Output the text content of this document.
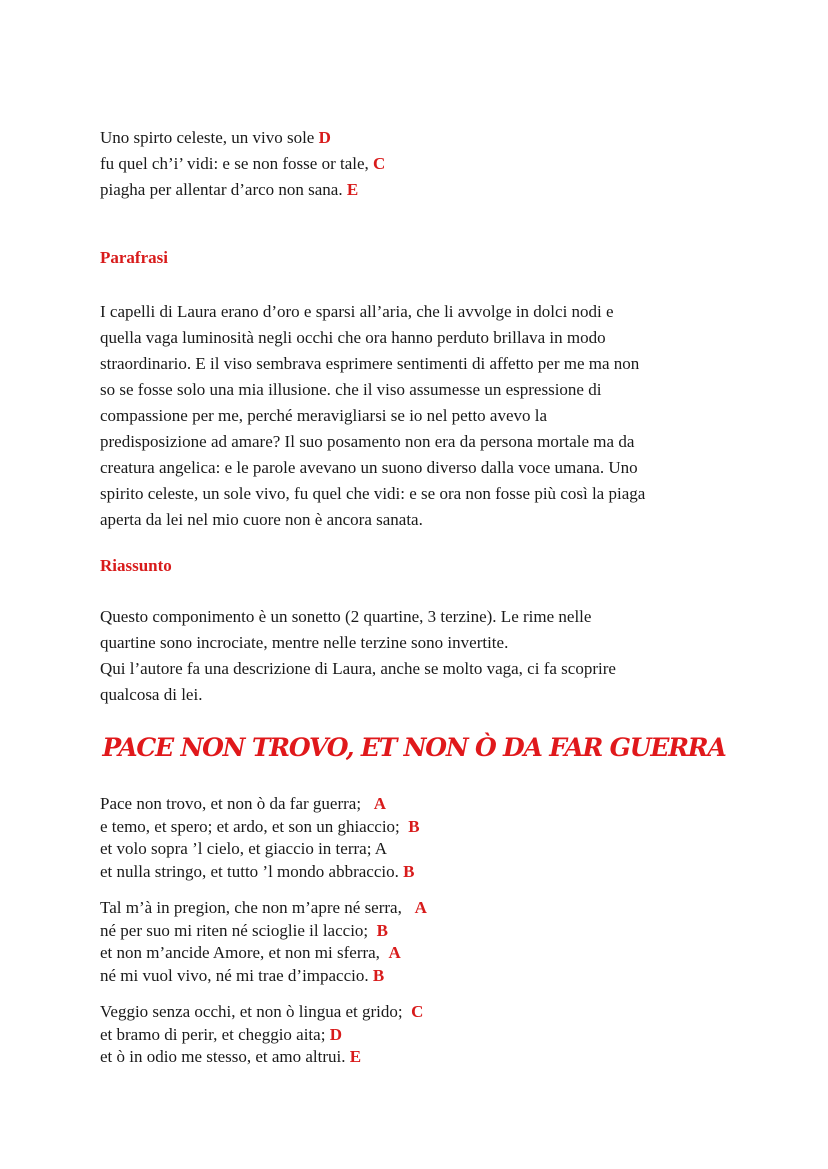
Uno spirto celeste, un vivo sole D
fu quel ch’i’ vidi: e se non fosse or tale, C
piagha per allentar d’arco non sana. E
Parafrasi
I capelli di Laura erano d’oro e sparsi all’aria, che li avvolge in dolci nodi e
quella vaga luminosità negli occhi che ora hanno perduto brillava in modo
straordinario. E il viso sembrava esprimere sentimenti di affetto per me ma non
so se fosse solo una mia illusione. che il viso assumesse un espressione di
compassione per me, perché meravigliarsi se io nel petto avevo la
predisposizione ad amare? Il suo posamento non era da persona mortale ma da
creatura angelica: e le parole avevano un suono diverso dalla voce umana. Uno
spirito celeste, un sole vivo, fu quel che vidi: e se ora non fosse più così la piaga
aperta da lei nel mio cuore non è ancora sanata.
Riassunto
Questo componimento è un sonetto (2 quartine, 3 terzine). Le rime nelle
quartine sono incrociate, mentre nelle terzine sono invertite.
Qui l’autore fa una descrizione di Laura, anche se molto vaga, ci fa scoprire
qualcosa di lei.
PACE NON TROVO, ET NON Ò DA FAR GUERRA
Pace non trovo, et non ò da far guerra;   A
e temo, et spero; et ardo, et son un ghiaccio;  B
et volo sopra ’l cielo, et giaccio in terra; A
et nulla stringo, et tutto ’l mondo abbraccio. B
Tal m’à in pregion, che non m’apre né serra,   A
né per suo mi riten né scioglie il laccio;  B
et non m’ancide Amore, et non mi sferra,  A
né mi vuol vivo, né mi trae d’impaccio. B
Veggio senza occhi, et non ò lingua et grido;  C
et bramo di perir, et cheggio aita; D
et ò in odio me stesso, et amo altrui. E
